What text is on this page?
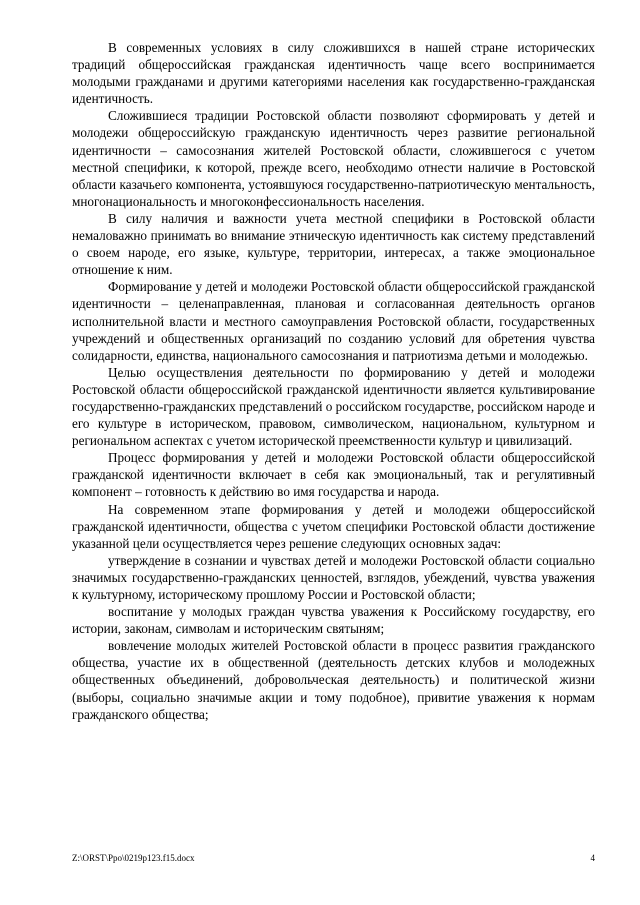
В современных условиях в силу сложившихся в нашей стране исторических традиций общероссийская гражданская идентичность чаще всего воспринимается молодыми гражданами и другими категориями населения как государственно-гражданская идентичность.

Сложившиеся традиции Ростовской области позволяют сформировать у детей и молодежи общероссийскую гражданскую идентичность через развитие региональной идентичности – самосознания жителей Ростовской области, сложившегося с учетом местной специфики, к которой, прежде всего, необходимо отнести наличие в Ростовской области казачьего компонента, устоявшуюся государственно-патриотическую ментальность, многонациональность и многоконфессиональность населения.

В силу наличия и важности учета местной специфики в Ростовской области немаловажно принимать во внимание этническую идентичность как систему представлений о своем народе, его языке, культуре, территории, интересах, а также эмоциональное отношение к ним.

Формирование у детей и молодежи Ростовской области общероссийской гражданской идентичности – целенаправленная, плановая и согласованная деятельность органов исполнительной власти и местного самоуправления Ростовской области, государственных учреждений и общественных организаций по созданию условий для обретения чувства солидарности, единства, национального самосознания и патриотизма детьми и молодежью.

Целью осуществления деятельности по формированию у детей и молодежи Ростовской области общероссийской гражданской идентичности является культивирование государственно-гражданских представлений о российском государстве, российском народе и его культуре в историческом, правовом, символическом, национальном, культурном и региональном аспектах с учетом исторической преемственности культур и цивилизаций.

Процесс формирования у детей и молодежи Ростовской области общероссийской гражданской идентичности включает в себя как эмоциональный, так и регулятивный компонент – готовность к действию во имя государства и народа.

На современном этапе формирования у детей и молодежи общероссийской гражданской идентичности, общества с учетом специфики Ростовской области достижение указанной цели осуществляется через решение следующих основных задач:

утверждение в сознании и чувствах детей и молодежи Ростовской области социально значимых государственно-гражданских ценностей, взглядов, убеждений, чувства уважения к культурному, историческому прошлому России и Ростовской области;

воспитание у молодых граждан чувства уважения к Российскому государству, его истории, законам, символам и историческим святыням;

вовлечение молодых жителей Ростовской области в процесс развития гражданского общества, участие их в общественной (деятельность детских клубов и молодежных общественных объединений, добровольческая деятельность) и политической жизни (выборы, социально значимые акции и тому подобное), привитие уважения к нормам гражданского общества;

Z:\ORST\Ppo\0219p123.f15.docx	4
